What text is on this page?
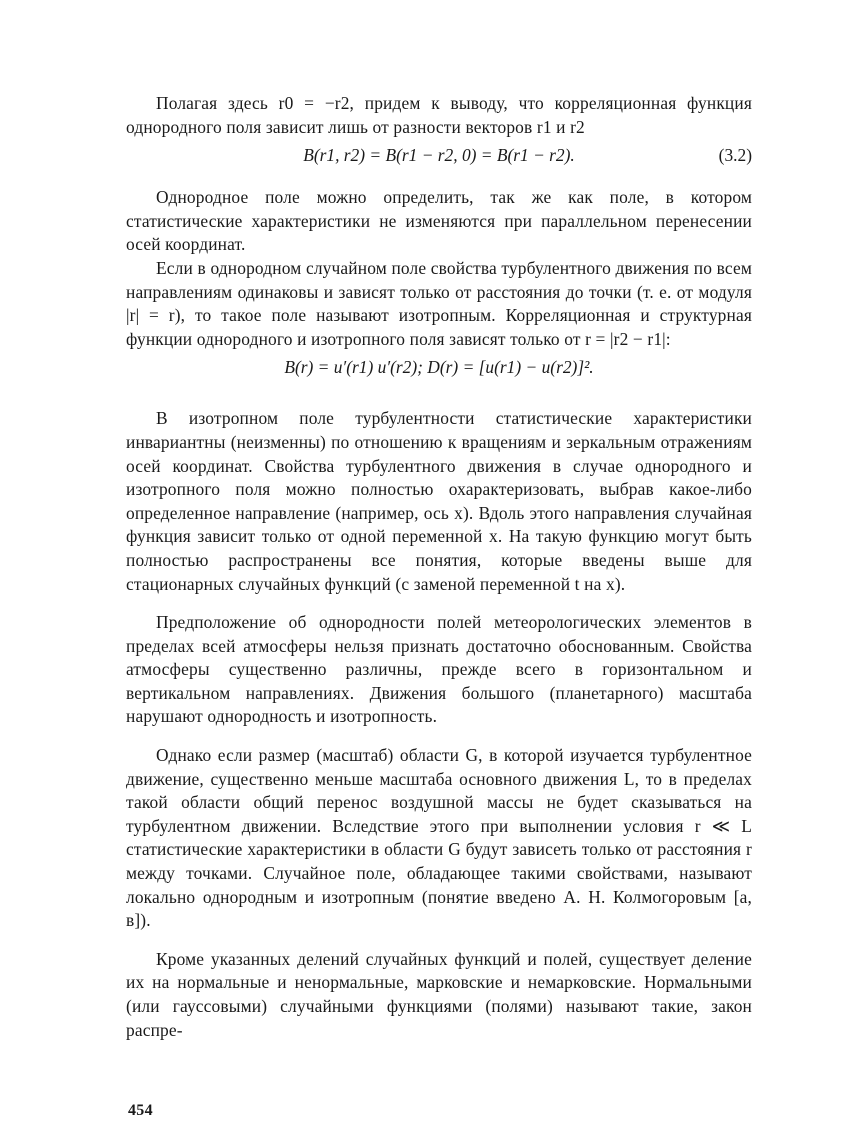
Полагая здесь r0 = −r2, придем к выводу, что корреляционная функция однородного поля зависит лишь от разности векторов r1 и r2

B(r1, r2) = B(r1 − r2, 0) = B(r1 − r2).	(3.2)

Однородное поле можно определить, так же как поле, в котором статистические характеристики не изменяются при параллельном перенесении осей координат.

Если в однородном случайном поле свойства турбулентного движения по всем направлениям одинаковы и зависят только от расстояния до точки (т. е. от модуля |r| = r), то такое поле называют изотропным. Корреляционная и структурная функции однородного и изотропного поля зависят только от r = |r2 − r1|:

B(r) = u′(r1) u′(r2); D(r) = [u(r1) − u(r2)]².

В изотропном поле турбулентности статистические характеристики инвариантны (неизменны) по отношению к вращениям и зеркальным отражениям осей координат. Свойства турбулентного движения в случае однородного и изотропного поля можно полностью охарактеризовать, выбрав какое-либо определенное направление (например, ось x). Вдоль этого направления случайная функция зависит только от одной переменной x. На такую функцию могут быть полностью распространены все понятия, которые введены выше для стационарных случайных функций (с заменой переменной t на x).

Предположение об однородности полей метеорологических элементов в пределах всей атмосферы нельзя признать достаточно обоснованным. Свойства атмосферы существенно различны, прежде всего в горизонтальном и вертикальном направлениях. Движения большого (планетарного) масштаба нарушают однородность и изотропность.

Однако если размер (масштаб) области G, в которой изучается турбулентное движение, существенно меньше масштаба основного движения L, то в пределах такой области общий перенос воздушной массы не будет сказываться на турбулентном движении. Вследствие этого при выполнении условия r ≪ L статистические характеристики в области G будут зависеть только от расстояния r между точками. Случайное поле, обладающее такими свойствами, называют локально однородным и изотропным (понятие введено А. Н. Колмогоровым [а, в]).

Кроме указанных делений случайных функций и полей, существует деление их на нормальные и ненормальные, марковские и немарковские. Нормальными (или гауссовыми) случайными функциями (полями) называют такие, закон распре-

454
